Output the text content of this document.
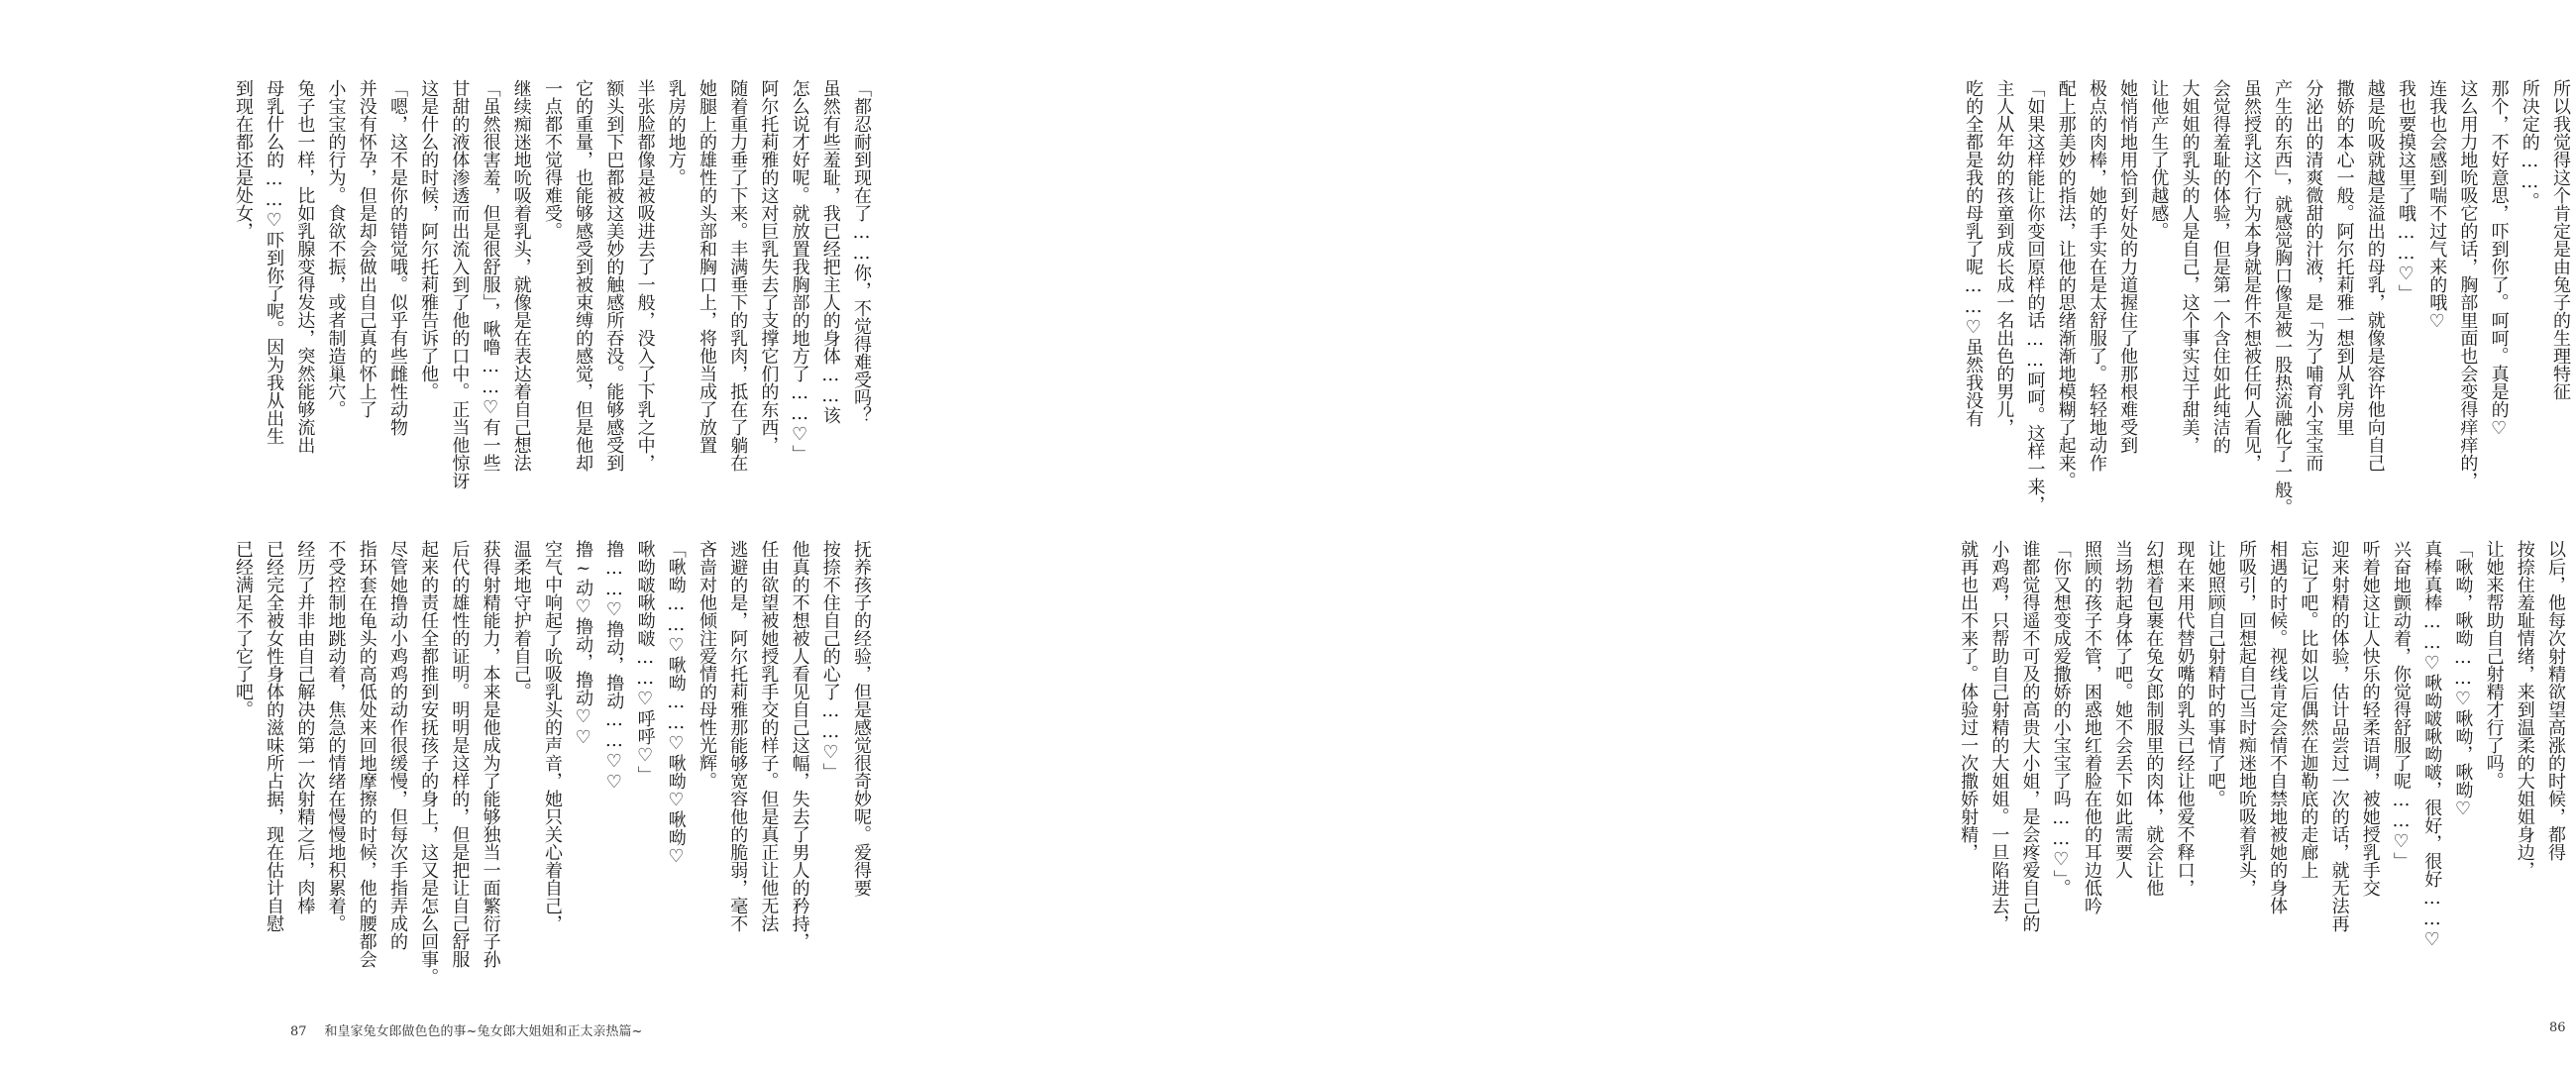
「都忍耐到现在了……你，不觉得难受吗？

虽然有些羞耻，我已经把主人的身体……该

怎么说才好呢。就放置我胸部的地方了……♡」

阿尔托莉雅的这对巨乳失去了支撑它们的东西，

随着重力垂了下来。丰满垂下的乳肉，抵在了躺在

她腿上的雄性的头部和胸口上，将他当成了放置

乳房的地方。

半张脸都像是被吸进去了一般，没入了下乳之中，

额头到下巴都被这美妙的触感所吞没。能够感受到

它的重量，也能够感受到被束缚的感觉，但是他却

一点都不觉得难受。

继续痴迷地吮吸着乳头，就像是在表达着自己想法

「虽然很害羞，但是很舒服」，啾噜……♡有一些

甘甜的液体渗透而出流入到了他的口中。正当他惊讶

这是什么的时候，阿尔托莉雅告诉了他。

「嗯，这不是你的错觉哦。似乎有些雌性动物

并没有怀孕，但是却会做出自己真的怀上了

小宝宝的行为。食欲不振，或者制造巢穴。

兔子也一样，比如乳腺变得发达，突然能够流出

母乳什么的……♡吓到你了呢。因为我从出生

到现在都还是处女，

抚养孩子的经验，但是感觉很奇妙呢。爱得要

按捺不住自己的心了……♡」

他真的不想被人看见自己这幅，失去了男人的矜持，

任由欲望被她授乳手交的样子。但是真正让他无法

逃避的是，阿尔托莉雅那能够宽容他的脆弱，毫不

吝啬对他倾注爱情的母性光辉。

「啾呦……♡啾呦……♡啾呦♡啾呦♡

啾呦啵啾呦啵……♡呼呼♡」

撸……♡撸动，撸动……♡♡

撸~动♡撸动，撸动♡♡

空气中响起了吮吸乳头的声音，她只关心着自己，

温柔地守护着自己。

获得射精能力，本来是他成为了能够独当一面繁衍子孙

后代的雄性的证明。明明是这样的，但是把让自己舒服

起来的责任全都推到安抚孩子的身上，这又是怎么回事。

尽管她撸动小鸡鸡的动作很缓慢，但每次手指弄成的

指环套在龟头的高低处来回地摩擦的时候，他的腰都会

不受控制地跳动着，焦急的情绪在慢慢地积累着。

经历了并非由自己解决的第一次射精之后，肉棒

已经完全被女性身体的滋味所占据，现在估计自慰

已经满足不了它了吧。

87 和皇家兔女郎做色色的事~兔女郎大姐姐和正太亲热篇~

所以我觉得这个肯定是由兔子的生理特征

所决定的……。

那个，不好意思，吓到你了。呵呵。真是的♡

这么用力地吮吸它的话，胸部里面也会变得痒痒的，

连我也会感到喘不过气来的哦♡

我也要摸这里了哦……♡」

越是吮吸就越是溢出的母乳，就像是容许他向自己

撒娇的本心一般。阿尔托莉雅一想到从乳房里

分泌出的清爽微甜的汁液，是「为了哺育小宝宝而

产生的东西」，就感觉胸口像是被一股热流融化了一般。

虽然授乳这个行为本身就是件不想被任何人看见，

会觉得羞耻的体验，但是第一个含住如此纯洁的

大姐姐的乳头的人是自己，这个事实过于甜美，

让他产生了优越感。

她悄悄地用恰到好处的力道握住了他那根难受到

极点的肉棒，她的手实在是太舒服了。轻轻地动作

配上那美妙的指法，让他的思绪渐渐地模糊了起来。

「如果这样能让你变回原样的话……呵呵。这样一来，

主人从年幼的孩童到成长成一名出色的男儿，

吃的全都是我的母乳了呢……♡虽然我没有

以后，他每次射精欲望高涨的时候，都得

按捺住羞耻情绪，来到温柔的大姐姐身边，

让她来帮助自己射精才行了吗。

「啾呦，啾呦……♡啾呦，啾呦♡

真棒真棒……♡啾呦啵啾呦啵，很好，很好……♡

兴奋地颤动着，你觉得舒服了呢……♡」

听着她这让人快乐的轻柔语调，被她授乳手交

迎来射精的体验，估计品尝过一次的话，就无法再

忘记了吧。比如以后偶然在迦勒底的走廊上

相遇的时候。视线肯定会情不自禁地被她的身体

所吸引，回想起自己当时痴迷地吮吸着乳头，

让她照顾自己射精时的事情了吧。

现在来用代替奶嘴的乳头已经让他爱不释口，

幻想着包裹在兔女郎制服里的肉体，就会让他

当场勃起身体了吧。她不会丢下如此需要人

照顾的孩子不管，困惑地红着脸在他的耳边低吟

「你又想变成爱撒娇的小宝宝了吗……♡」。

谁都觉得遥不可及的高贵大小姐，是会疼爱自己的

小鸡鸡，只帮助自己射精的大姐姐。一旦陷进去，

就再也出不来了。体验过一次撒娇射精，

86
